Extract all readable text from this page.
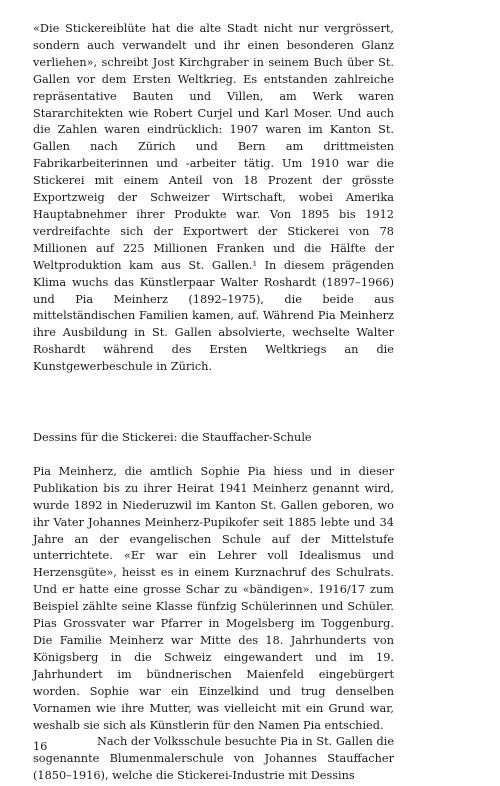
«Die Stickereiblüte hat die alte Stadt nicht nur vergrössert, sondern auch verwandelt und ihr einen besonderen Glanz verliehen», schreibt Jost Kirchgraber in seinem Buch über St. Gallen vor dem Ersten Weltkrieg. Es entstanden zahlreiche repräsentative Bauten und Villen, am Werk waren Stararchitekten wie Robert Curjel und Karl Moser. Und auch die Zahlen waren eindrücklich: 1907 waren im Kanton St. Gallen nach Zürich und Bern am drittmeisten Fabrikarbeiterinnen und -arbeiter tätig. Um 1910 war die Stickerei mit einem Anteil von 18 Prozent der grösste Exportzweig der Schweizer Wirtschaft, wobei Amerika Hauptabnehmer ihrer Produkte war. Von 1895 bis 1912 verdreifachte sich der Exportwert der Stickerei von 78 Millionen auf 225 Millionen Franken und die Hälfte der Weltproduktion kam aus St. Gallen.¹ In diesem prägenden Klima wuchs das Künstlerpaar Walter Roshardt (1897–1966) und Pia Meinherz (1892–1975), die beide aus mittelständischen Familien kamen, auf. Während Pia Meinherz ihre Ausbildung in St. Gallen absolvierte, wechselte Walter Roshardt während des Ersten Weltkriegs an die Kunstgewerbeschule in Zürich.

Dessins für die Stickerei: die Stauffacher-Schule

Pia Meinherz, die amtlich Sophie Pia hiess und in dieser Publikation bis zu ihrer Heirat 1941 Meinherz genannt wird, wurde 1892 in Niederuzwil im Kanton St. Gallen geboren, wo ihr Vater Johannes Meinherz-Pupikofer seit 1885 lebte und 34 Jahre an der evangelischen Schule auf der Mittelstufe unterrichtete. «Er war ein Lehrer voll Idealismus und Herzensgüte», heisst es in einem Kurznachruf des Schulrats. Und er hatte eine grosse Schar zu «bändigen». 1916/17 zum Beispiel zählte seine Klasse fünfzig Schülerinnen und Schüler. Pias Grossvater war Pfarrer in Mogelsberg im Toggenburg. Die Familie Meinherz war Mitte des 18. Jahrhunderts von Königsberg in die Schweiz eingewandert und im 19. Jahrhundert im bündnerischen Maienfeld eingebürgert worden. Sophie war ein Einzelkind und trug denselben Vornamen wie ihre Mutter, was vielleicht mit ein Grund war, weshalb sie sich als Künstlerin für den Namen Pia entschied.

Nach der Volksschule besuchte Pia in St. Gallen die sogenannte Blumenmalerschule von Johannes Stauffacher (1850–1916), welche die Stickerei-Industrie mit Dessins

16
